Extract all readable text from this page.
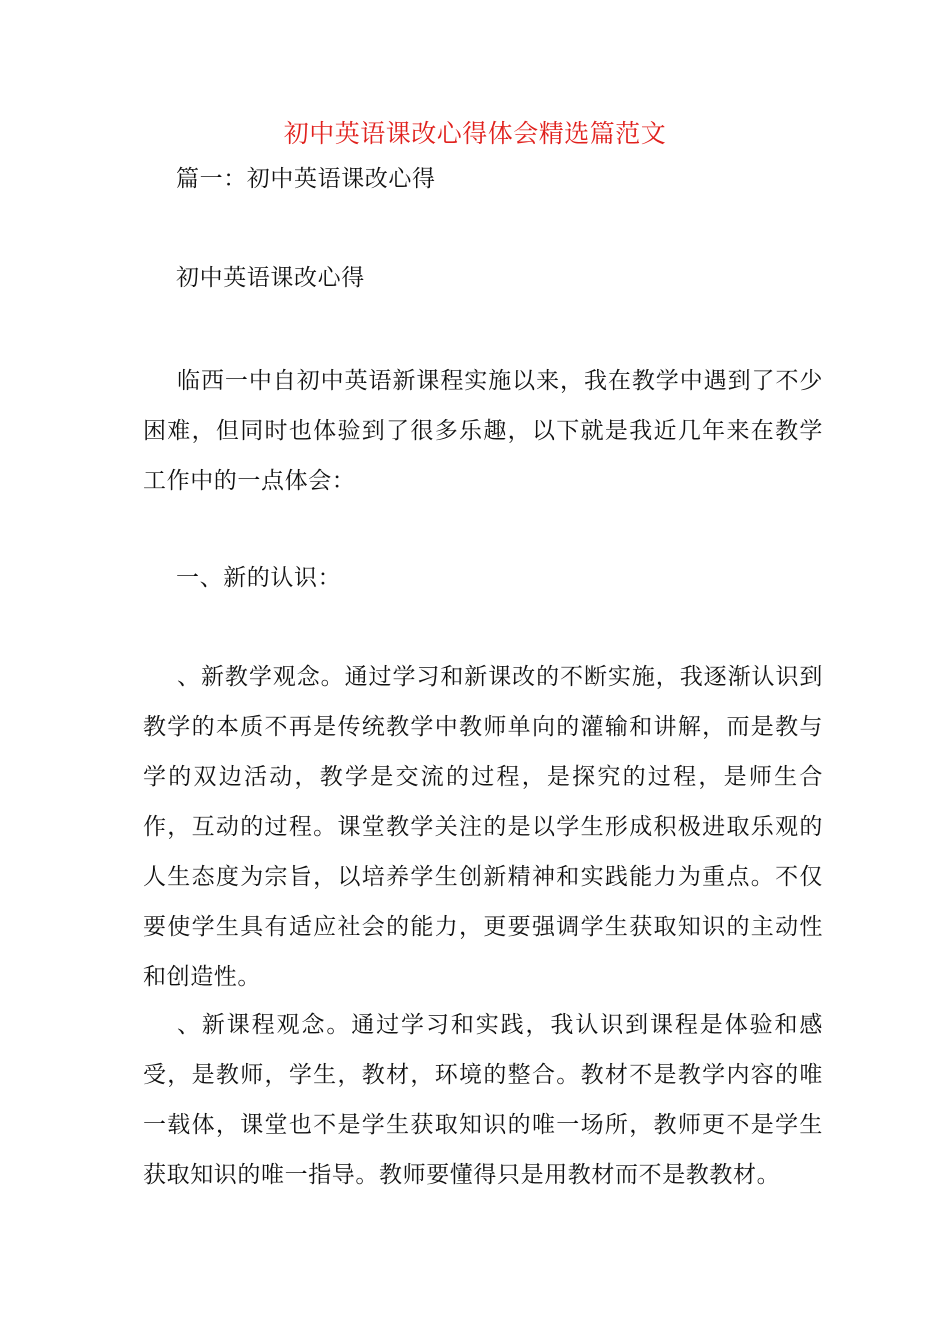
初中英语课改心得体会精选篇范文
篇一：初中英语课改心得
初中英语课改心得
临西一中自初中英语新课程实施以来，我在教学中遇到了不少困难，但同时也体验到了很多乐趣，以下就是我近几年来在教学工作中的一点体会：
一、新的认识：
、新教学观念。通过学习和新课改的不断实施，我逐渐认识到教学的本质不再是传统教学中教师单向的灌输和讲解，而是教与学的双边活动，教学是交流的过程，是探究的过程，是师生合作，互动的过程。课堂教学关注的是以学生形成积极进取乐观的人生态度为宗旨，以培养学生创新精神和实践能力为重点。不仅要使学生具有适应社会的能力，更要强调学生获取知识的主动性和创造性。
、新课程观念。通过学习和实践，我认识到课程是体验和感受，是教师，学生，教材，环境的整合。教材不是教学内容的唯一载体，课堂也不是学生获取知识的唯一场所，教师更不是学生获取知识的唯一指导。教师要懂得只是用教材而不是教教材。
